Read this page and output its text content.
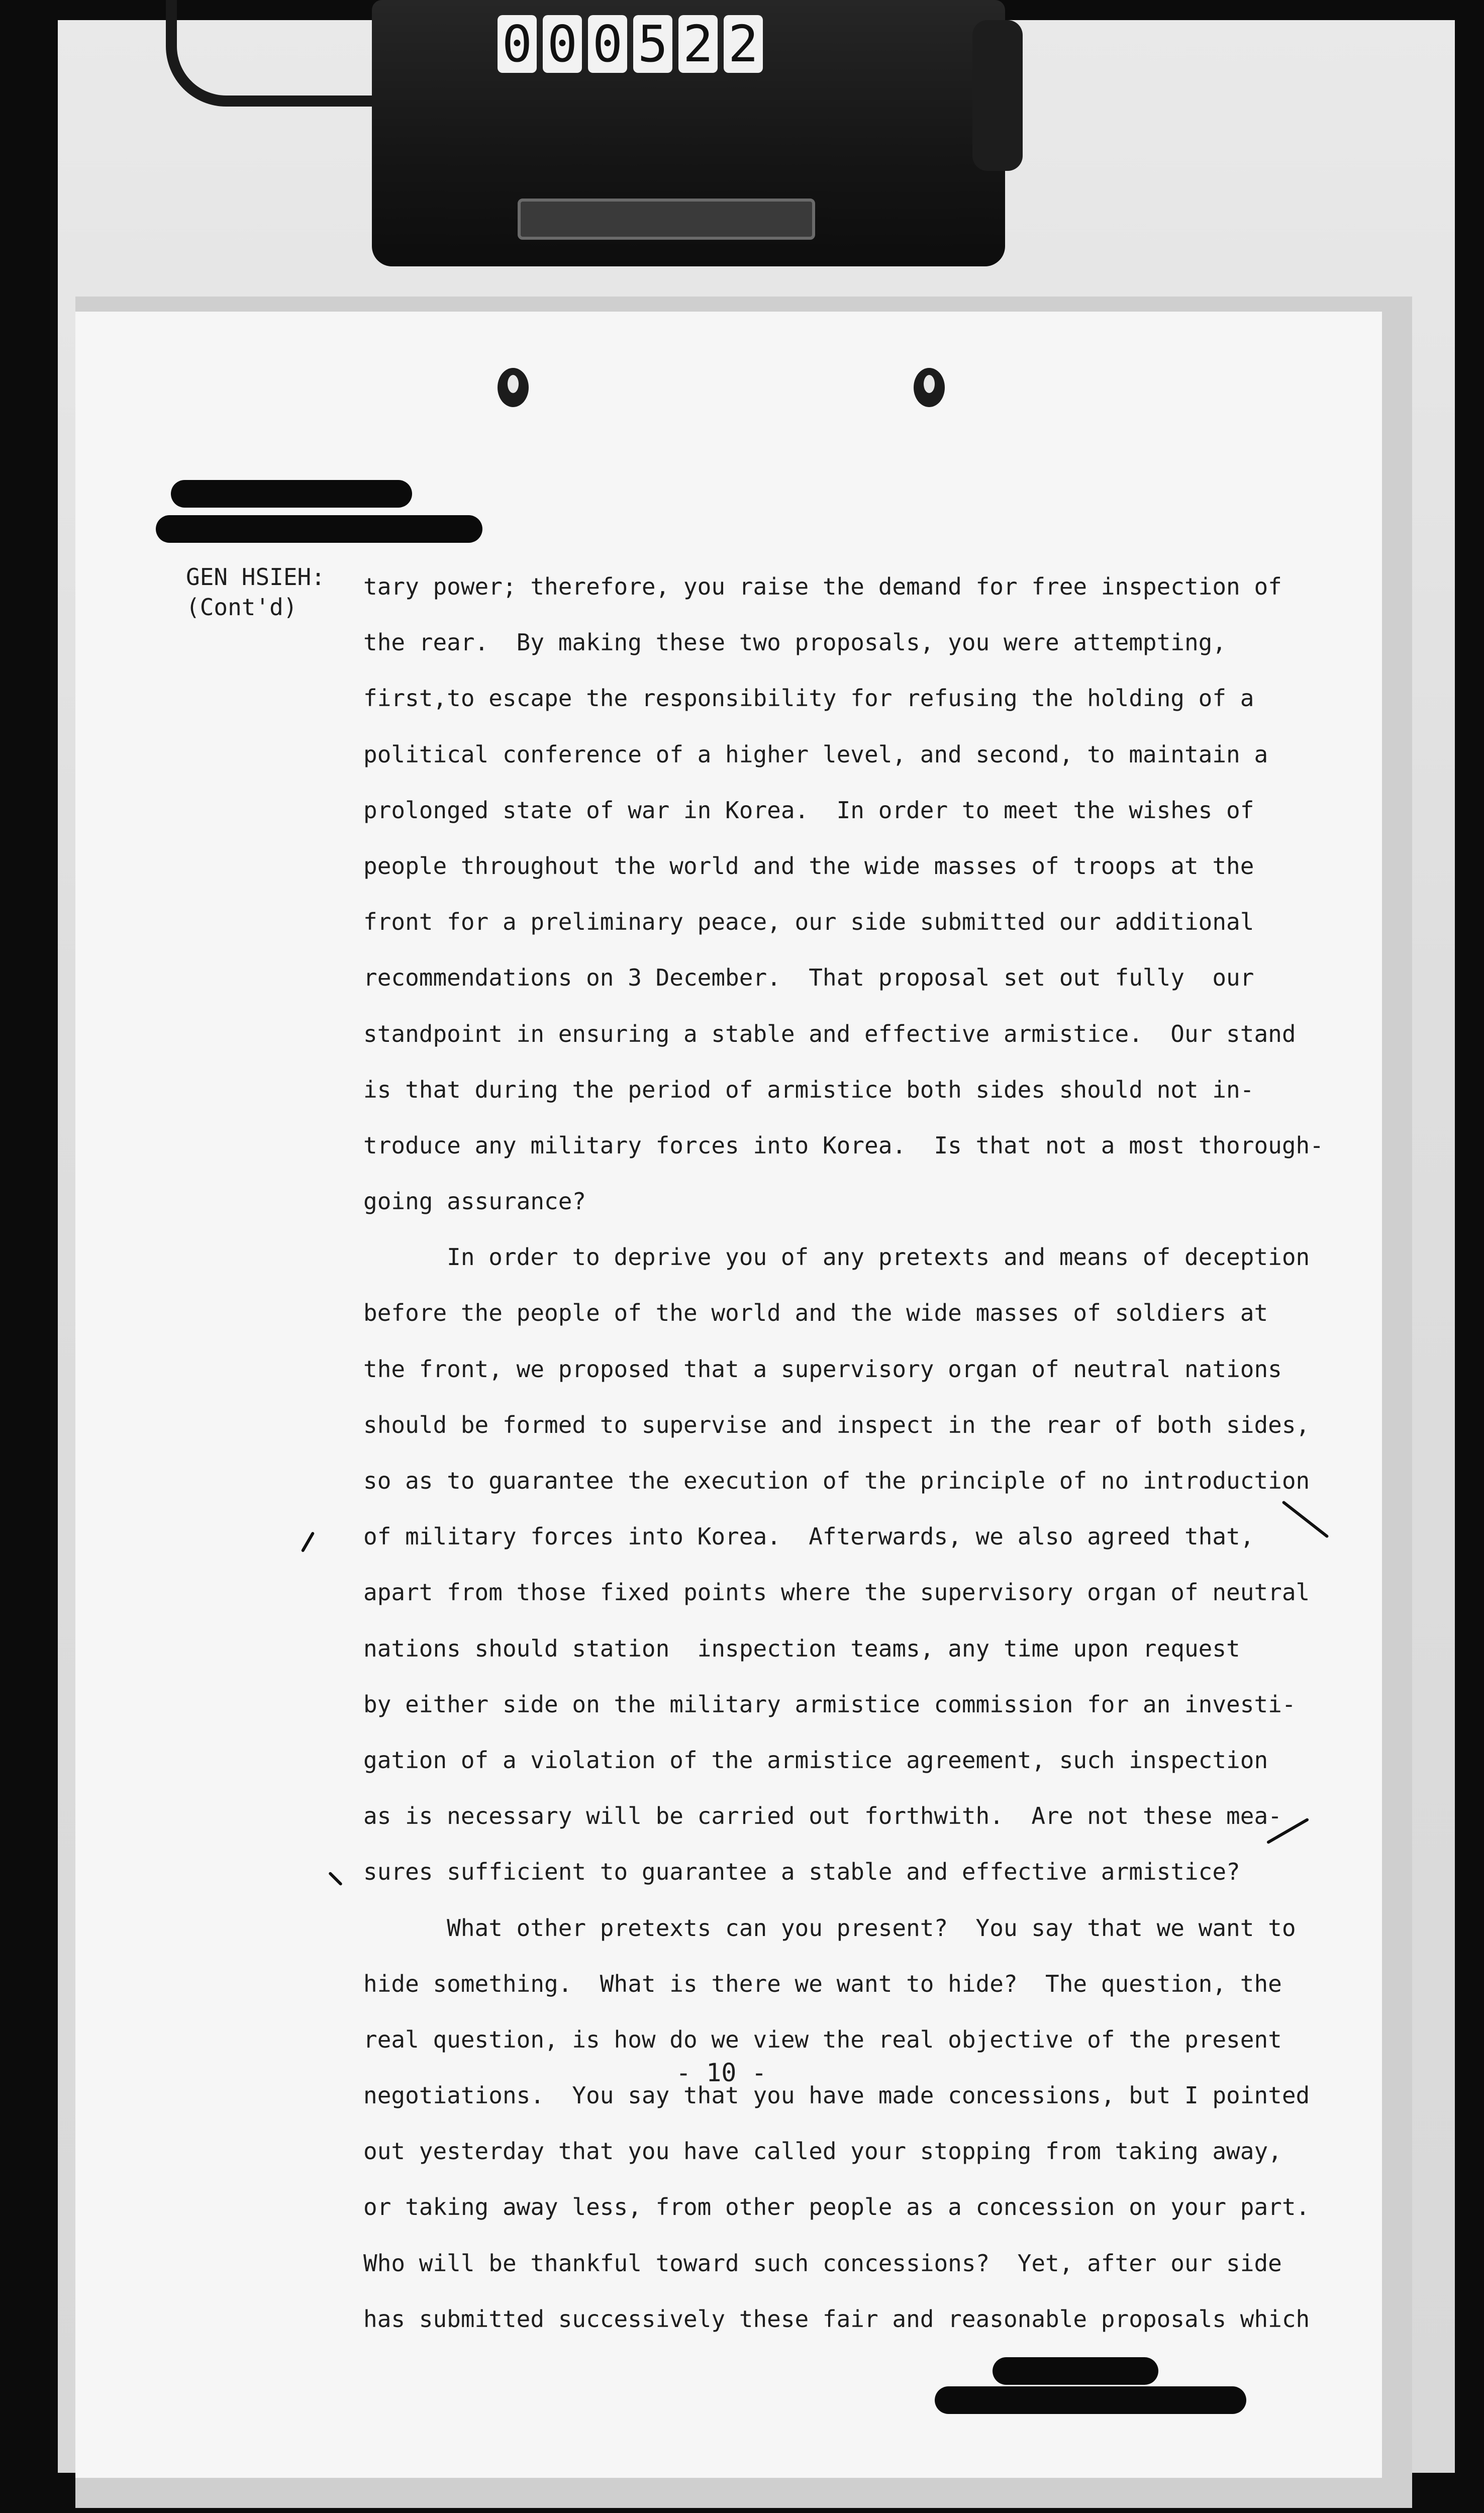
0 0 0 5 2 2
GEN HSIEH:
(Cont'd)
tary power; therefore, you raise the demand for free inspection of
the rear.  By making these two proposals, you were attempting,
first,to escape the responsibility for refusing the holding of a
political conference of a higher level, and second, to maintain a
prolonged state of war in Korea.  In order to meet the wishes of
people throughout the world and the wide masses of troops at the
front for a preliminary peace, our side submitted our additional
recommendations on 3 December.  That proposal set out fully  our
standpoint in ensuring a stable and effective armistice.  Our stand
is that during the period of armistice both sides should not in-
troduce any military forces into Korea.  Is that not a most thorough-
going assurance?
In order to deprive you of any pretexts and means of deception
before the people of the world and the wide masses of soldiers at
the front, we proposed that a supervisory organ of neutral nations
should be formed to supervise and inspect in the rear of both sides,
so as to guarantee the execution of the principle of no introduction
of military forces into Korea.  Afterwards, we also agreed that,
apart from those fixed points where the supervisory organ of neutral
nations should station  inspection teams, any time upon request
by either side on the military armistice commission for an investi-
gation of a violation of the armistice agreement, such inspection
as is necessary will be carried out forthwith.  Are not these mea-
sures sufficient to guarantee a stable and effective armistice?
What other pretexts can you present?  You say that we want to
hide something.  What is there we want to hide?  The question, the
real question, is how do we view the real objective of the present
negotiations.  You say that you have made concessions, but I pointed
out yesterday that you have called your stopping from taking away,
or taking away less, from other people as a concession on your part.
Who will be thankful toward such concessions?  Yet, after our side
has submitted successively these fair and reasonable proposals which
- 10 -
